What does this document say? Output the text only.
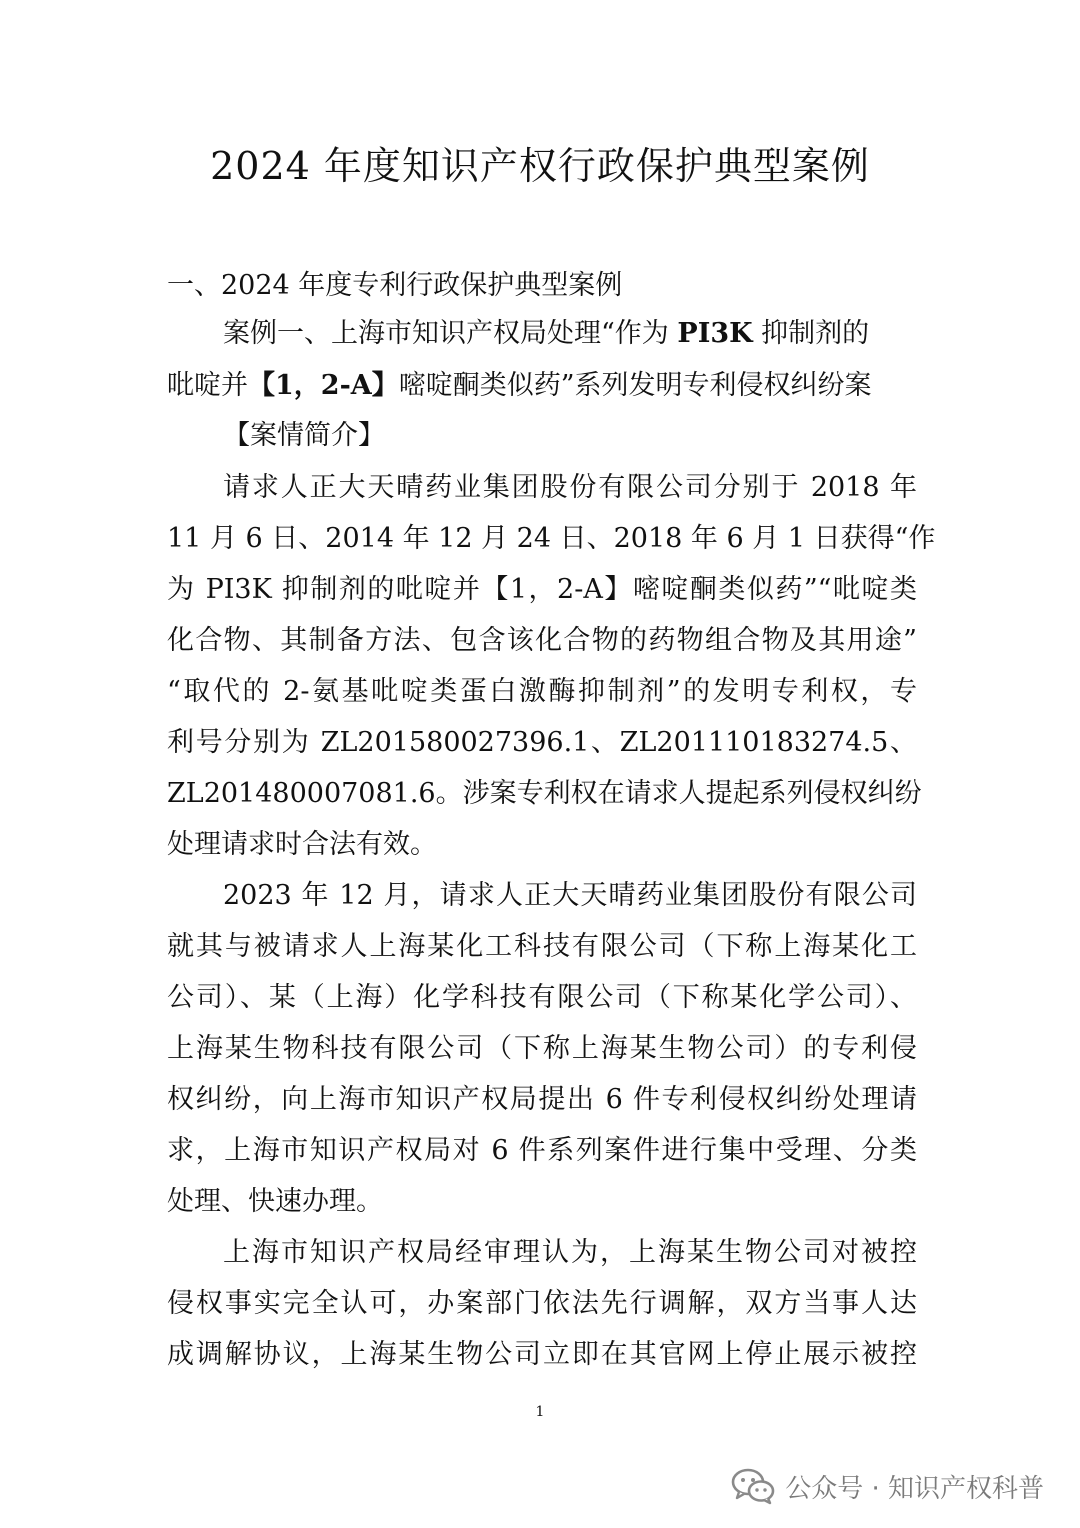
2024 年度知识产权行政保护典型案例
一、2024 年度专利行政保护典型案例
案例一、上海市知识产权局处理“作为 PI3K 抑制剂的
吡啶并【1，2-A】嘧啶酮类似药”系列发明专利侵权纠纷案
【案情简介】
请求人正大天晴药业集团股份有限公司分别于 2018 年
11 月 6 日、2014 年 12 月 24 日、2018 年 6 月 1 日获得“作
为 PI3K 抑制剂的吡啶并【1，2-A】嘧啶酮类似药”“吡啶类
化合物、其制备方法、包含该化合物的药物组合物及其用途”
“取代的 2-氨基吡啶类蛋白激酶抑制剂”的发明专利权，专
利号分别为 ZL201580027396.1、ZL201110183274.5、
ZL201480007081.6。涉案专利权在请求人提起系列侵权纠纷
处理请求时合法有效。
2023 年 12 月，请求人正大天晴药业集团股份有限公司
就其与被请求人上海某化工科技有限公司（下称上海某化工
公司）、某（上海）化学科技有限公司（下称某化学公司）、
上海某生物科技有限公司（下称上海某生物公司）的专利侵
权纠纷，向上海市知识产权局提出 6 件专利侵权纠纷处理请
求，上海市知识产权局对 6 件系列案件进行集中受理、分类
处理、快速办理。
上海市知识产权局经审理认为，上海某生物公司对被控
侵权事实完全认可，办案部门依法先行调解，双方当事人达
成调解协议，上海某生物公司立即在其官网上停止展示被控
1
公众号 · 知识产权科普
